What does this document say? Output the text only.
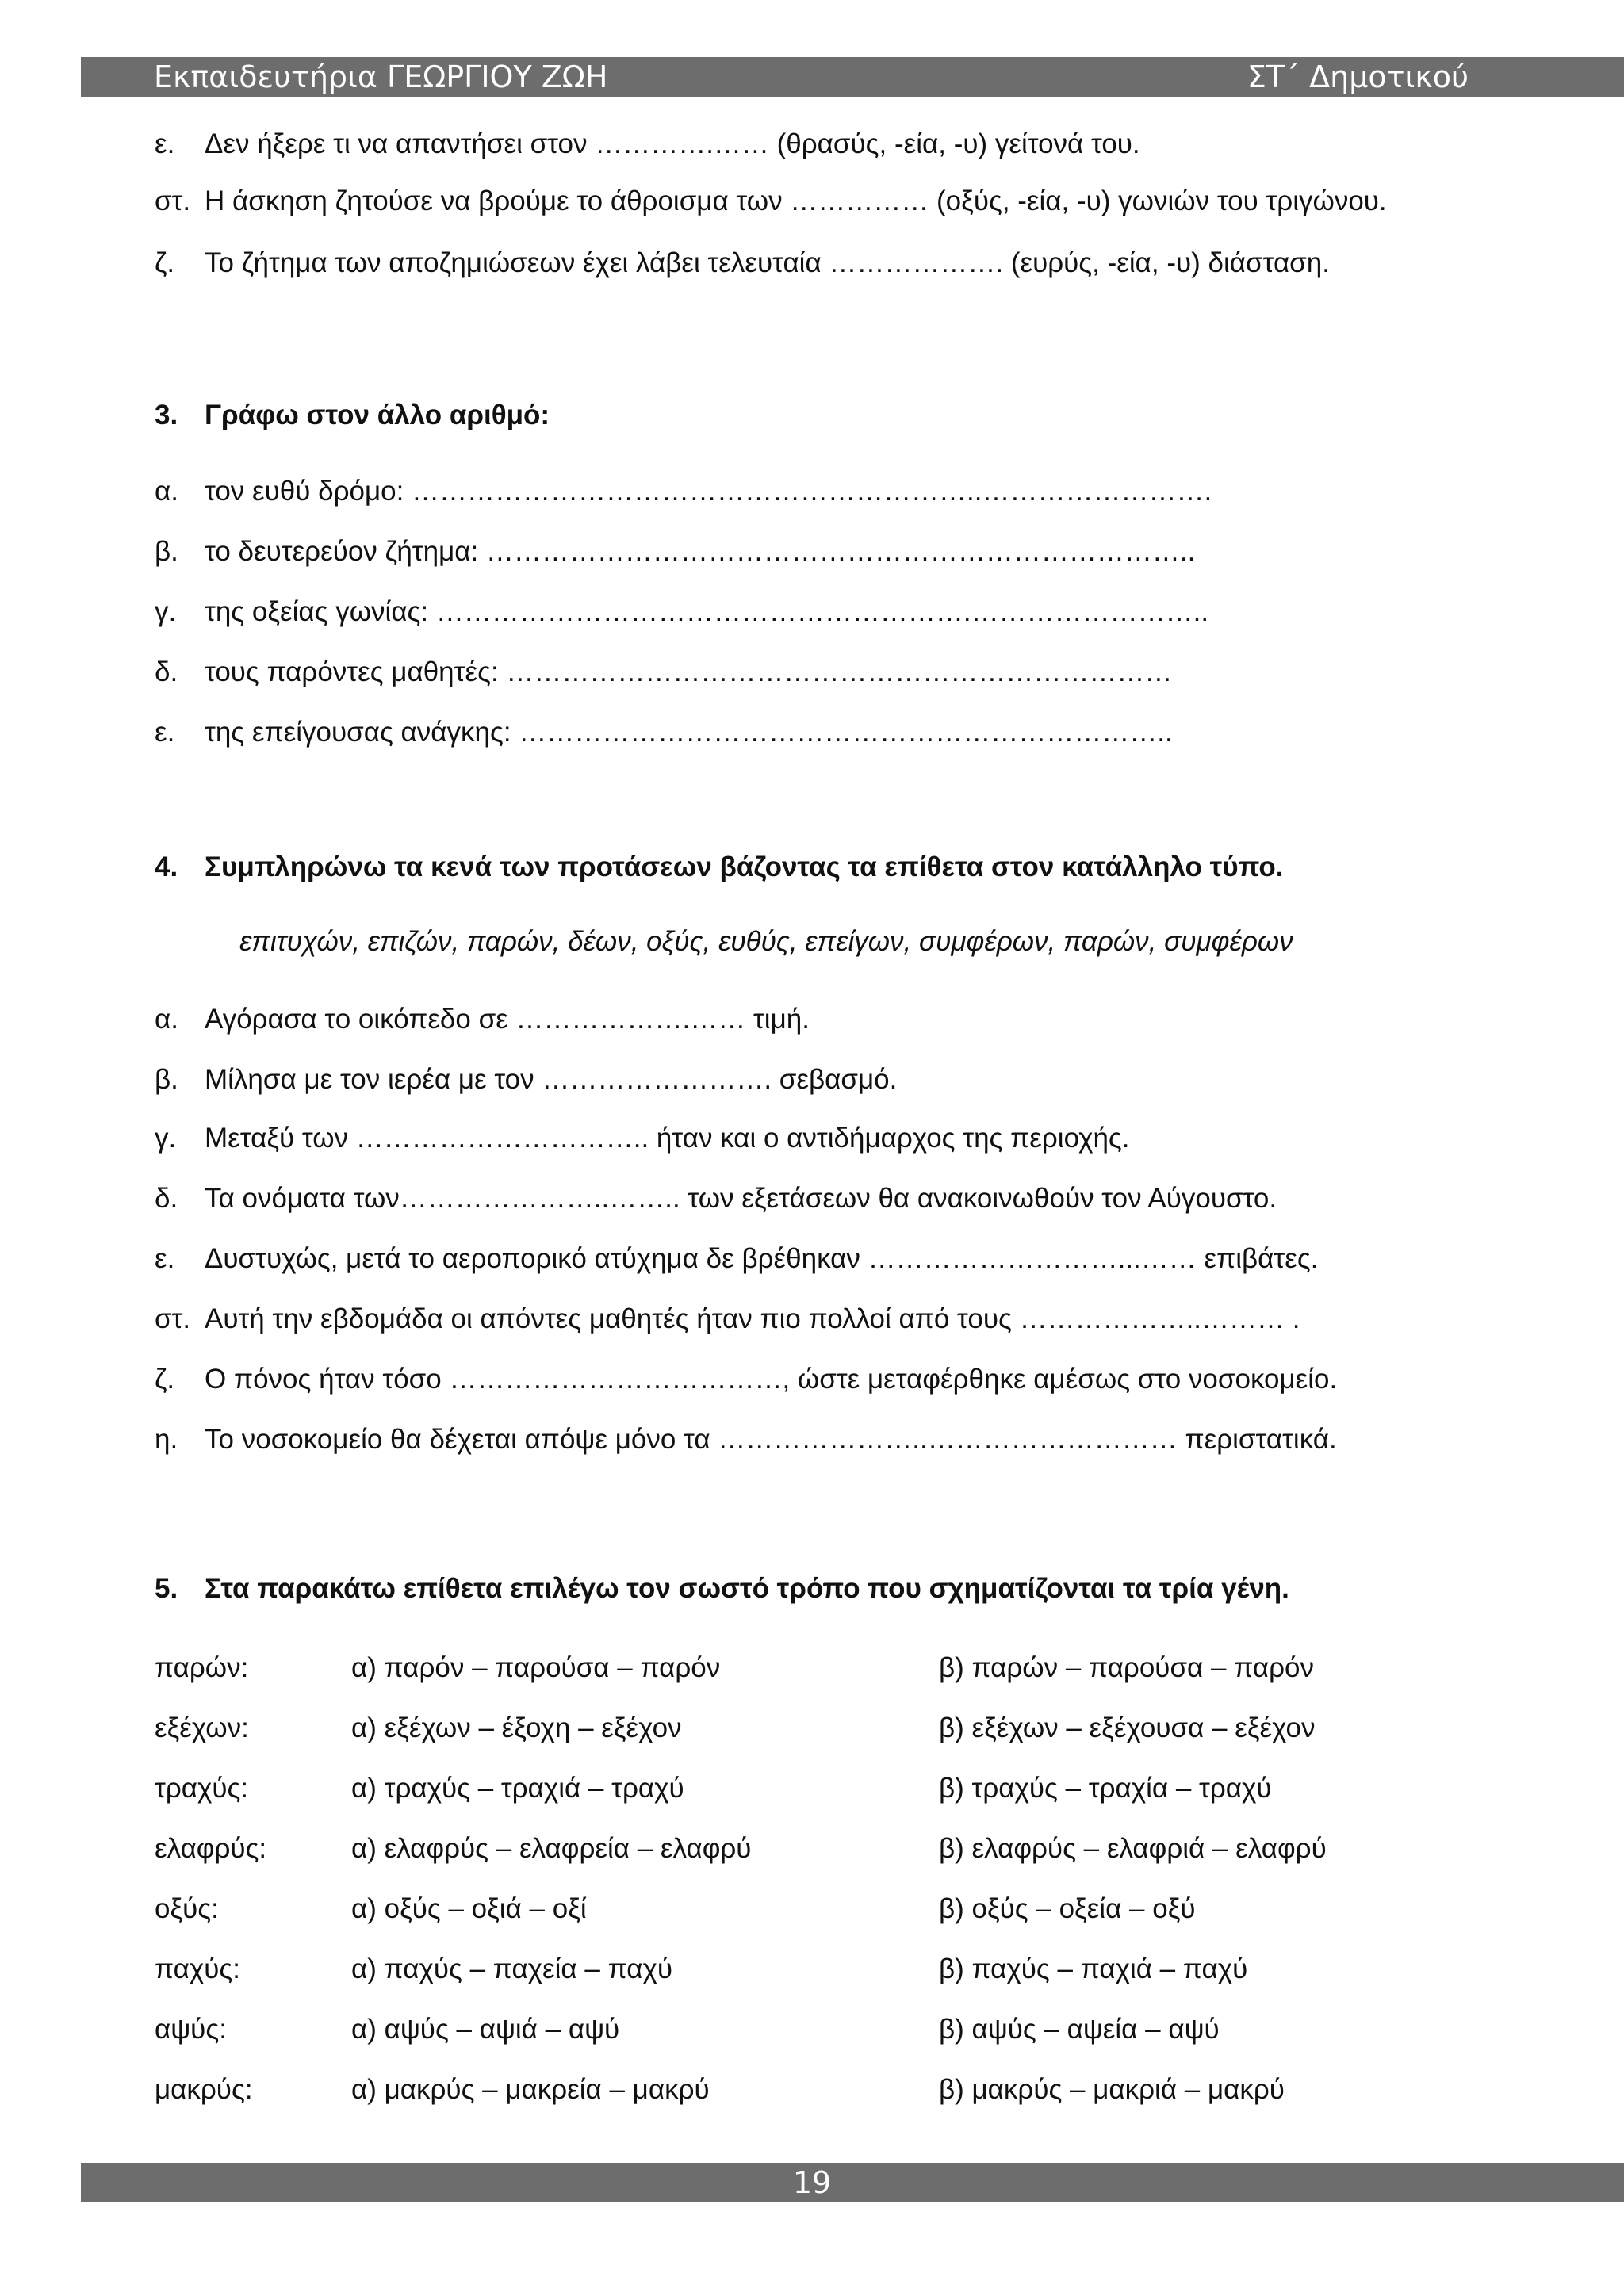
Εκπαιδευτήρια ΓΕΩΡΓΙΟΥ ΖΩΗ	ΣΤ΄ Δημοτικού
ε. Δεν ήξερε τι να απαντήσει στον ………….…… (θρασύς, -εία, -υ) γείτονά του.
στ. Η άσκηση ζητούσε να βρούμε το άθροισμα των …………… (οξύς, -εία, -υ) γωνιών του τριγώνου.
ζ. Το ζήτημα των αποζημιώσεων έχει λάβει τελευταία ………………. (ευρύς, -εία, -υ) διάσταση.
3. Γράφω στον άλλο αριθμό:
α. τον ευθύ δρόμο: ……………………………………………………..…………………….
β. το δευτερεύον ζήτημα: …………………………………………………………………..
γ. της οξείας γωνίας: ………………………………………………….……………………..
δ. τους παρόντες μαθητές: ………………………………………………………………
ε. της επείγουσας ανάγκης: ……………………………………………………………..
4. Συμπληρώνω τα κενά των προτάσεων βάζοντας τα επίθετα στον κατάλληλο τύπο.
επιτυχών, επιζών, παρών, δέων, οξύς, ευθύς, επείγων, συμφέρων, παρών, συμφέρων
α. Αγόρασα το οικόπεδο σε ……………….…… τιμή.
β. Μίλησα με τον ιερέα με τον ……………………. σεβασμό.
γ. Μεταξύ των ………………………….. ήταν και ο αντιδήμαρχος της περιοχής.
δ. Τα ονόματα των…………………..…….. των εξετάσεων θα ανακοινωθούν τον Αύγουστο.
ε. Δυστυχώς, μετά το αεροπορικό ατύχημα δε βρέθηκαν ………………………...…… επιβάτες.
στ. Αυτή την εβδομάδα οι απόντες μαθητές ήταν πιο πολλοί από τους ………………..……… .
ζ. Ο πόνος ήταν τόσο ………………………………, ώστε μεταφέρθηκε αμέσως στο νοσοκομείο.
η. Το νοσοκομείο θα δέχεται απόψε μόνο τα …………………..……………………… περιστατικά.
5. Στα παρακάτω επίθετα επιλέγω τον σωστό τρόπο που σχηματίζονται τα τρία γένη.
παρών:	α) παρόν – παρούσα – παρόν	β) παρών – παρούσα – παρόν
εξέχων:	α) εξέχων – έξοχη – εξέχον	β) εξέχων – εξέχουσα – εξέχον
τραχύς:	α) τραχύς – τραχιά – τραχύ	β) τραχύς – τραχία – τραχύ
ελαφρύς:	α) ελαφρύς – ελαφρεία – ελαφρύ	β) ελαφρύς – ελαφριά – ελαφρύ
οξύς:	α) οξύς – οξιά – οξί	β) οξύς – οξεία – οξύ
παχύς:	α) παχύς – παχεία – παχύ	β) παχύς – παχιά – παχύ
αψύς:	α) αψύς – αψιά – αψύ	β) αψύς – αψεία – αψύ
μακρύς:	α) μακρύς – μακρεία – μακρύ	β) μακρύς – μακριά – μακρύ
19
